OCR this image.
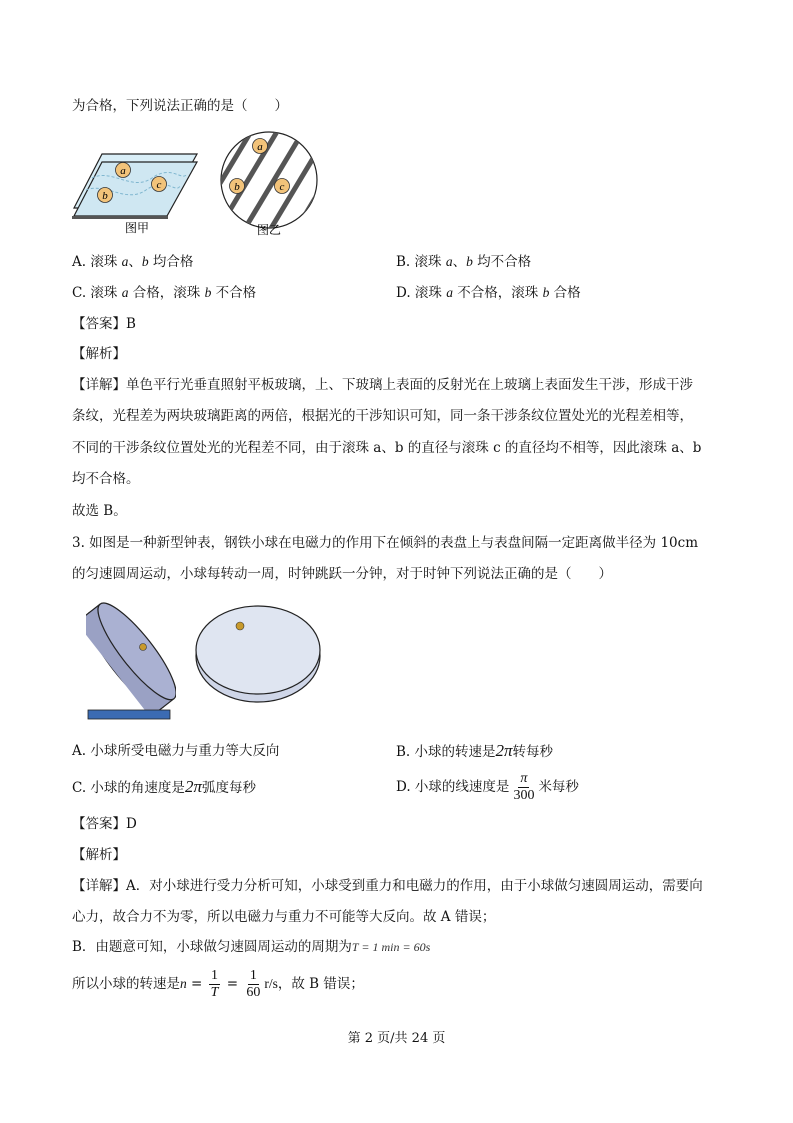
为合格，下列说法正确的是（　　）
a
c
b
图甲
a
b	c
图乙
A. 滚珠 a、b 均合格	B. 滚珠 a、b 均不合格
C. 滚珠 a 合格，滚珠 b 不合格	D. 滚珠 a 不合格，滚珠 b 合格
【答案】B
【解析】
【详解】单色平行光垂直照射平板玻璃，上、下玻璃上表面的反射光在上玻璃上表面发生干涉，形成干涉
条纹，光程差为两块玻璃距离的两倍，根据光的干涉知识可知，同一条干涉条纹位置处光的光程差相等，
不同的干涉条纹位置处光的光程差不同，由于滚珠 a、b 的直径与滚珠 c 的直径均不相等，因此滚珠 a、b
均不合格。
故选 B。
3. 如图是一种新型钟表，钢铁小球在电磁力的作用下在倾斜的表盘上与表盘间隔一定距离做半径为 10cm
的匀速圆周运动，小球每转动一周，时钟跳跃一分钟，对于时钟下列说法正确的是（　　）
A. 小球所受电磁力与重力等大反向	B. 小球的转速是2π转每秒
C. 小球的角速度是2π弧度每秒	D. 小球的线速度是 $\frac{\pi}{300}$ 米每秒
【答案】D
【解析】
【详解】A．对小球进行受力分析可知，小球受到重力和电磁力的作用，由于小球做匀速圆周运动，需要向
心力，故合力不为零，所以电磁力与重力不可能等大反向。故 A 错误；
B．由题意可知，小球做匀速圆周运动的周期为T = 1 min = 60s
所以小球的转速是$n = \frac{1}{T} = \frac{1}{60} r/s$，故 B 错误；
第 2 页/共 24 页
